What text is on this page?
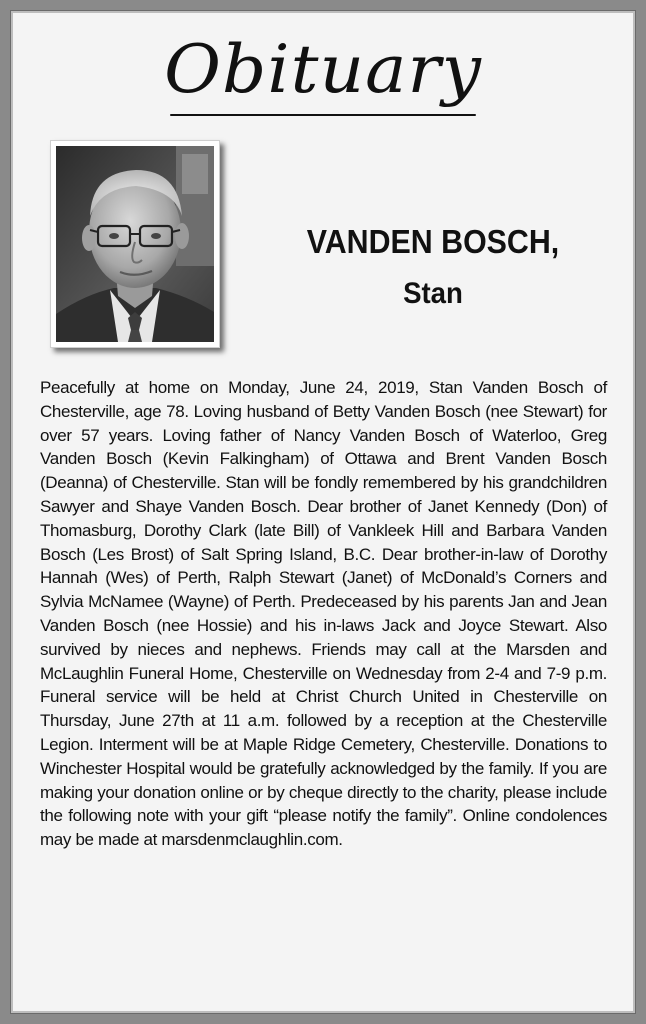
Obituary
VANDEN BOSCH,
Stan
Peacefully at home on Monday, June 24, 2019, Stan Vanden Bosch of Chesterville, age 78. Loving husband of Betty Vanden Bosch (nee Stewart) for over 57 years. Loving father of Nancy Vanden Bosch of Waterloo, Greg Vanden Bosch (Kevin Falkingham) of Ottawa and Brent Vanden Bosch (Deanna) of Chesterville. Stan will be fondly remembered by his grandchildren Sawyer and Shaye Vanden Bosch. Dear brother of Janet Kennedy (Don) of Thomasburg, Dorothy Clark (late Bill) of Vankleek Hill and Barbara Vanden Bosch (Les Brost) of Salt Spring Island, B.C. Dear brother-in-law of Dorothy Hannah (Wes) of Perth, Ralph Stewart (Janet) of McDonald’s Corners and Sylvia McNamee (Wayne) of Perth. Predeceased by his parents Jan and Jean Vanden Bosch (nee Hossie) and his in-laws Jack and Joyce Stewart. Also survived by nieces and nephews. Friends may call at the Marsden and McLaughlin Funeral Home, Chesterville on Wednesday from 2-4 and 7-9 p.m. Funeral service will be held at Christ Church United in Chesterville on Thursday, June 27th at 11 a.m. followed by a reception at the Chesterville Legion. Interment will be at Maple Ridge Cemetery, Chesterville. Donations to Winchester Hospital would be gratefully acknowledged by the family. If you are making your donation online or by cheque directly to the charity, please include the following note with your gift “please notify the family”. Online condolences may be made at marsdenmclaughlin.com.
